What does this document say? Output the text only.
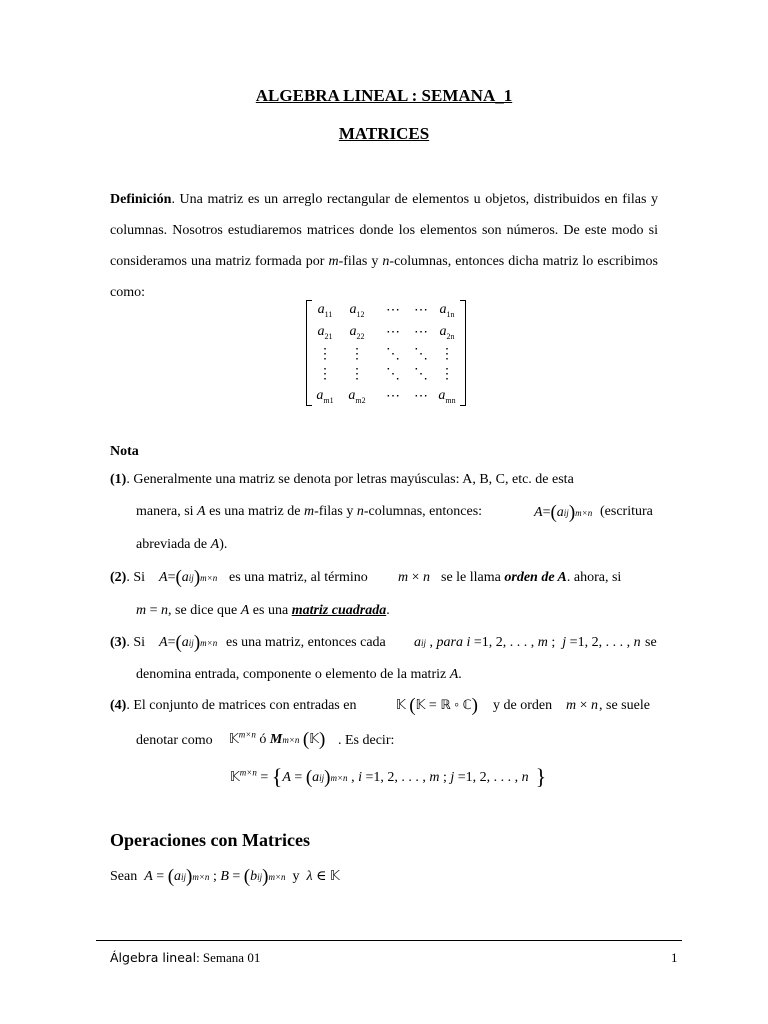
ALGEBRA LINEAL : SEMANA_1
MATRICES
Definición. Una matriz es un arreglo rectangular de elementos u objetos, distribuidos en filas y columnas. Nosotros estudiaremos matrices donde los elementos son números. De este modo si consideramos una matriz formada por m-filas y n-columnas, entonces dicha matriz lo escribimos como:
$a_{11}$	$a_{12}$	⋯	⋯ $a_{1n}$
$a_{21}$	$a_{22}$	⋯	⋯ $a_{2n}$
⋮	⋮	⋱	⋱ ⋮
⋮	⋮	⋱	⋱ ⋮
$a_{m1}$	$a_{m2}$	⋯	⋯ $a_{mn}$
Nota
(1). Generalmente una matriz se denota por letras mayúsculas: A, B, C, etc. de esta
manera, si A es una matriz de m-filas y n-columnas, entonces:	A=(aij)m×n (escritura
abreviada de A).
(2). Si A=(aij)m×n es una matriz, al término m × n se le llama orden de A. ahora, si
m = n, se dice que A es una matriz cuadrada.
(3). Si A=(aij)m×n es una matriz, entonces cada aij , para i =1, 2, . . . , m ;  j =1, 2, . . . , n se
denomina entrada, componente o elemento de la matriz A.
(4). El conjunto de matrices con entradas en	𝕂 (𝕂 = ℝ ◦ ℂ) y de orden m × n , se suele
denotar como 𝕂$^{m\times n}$ ó Mm×n (𝕂) . Es decir:
𝕂$^{m\times n}$ = {A = (aij)m×n , i =1, 2, . . . , m ; j =1, 2, . . . , n }
Operaciones con Matrices
Sean A = (aij)m×n ; B = (bij)m×n y λ ∈ 𝕂
Álgebra lineal: Semana 01	1
